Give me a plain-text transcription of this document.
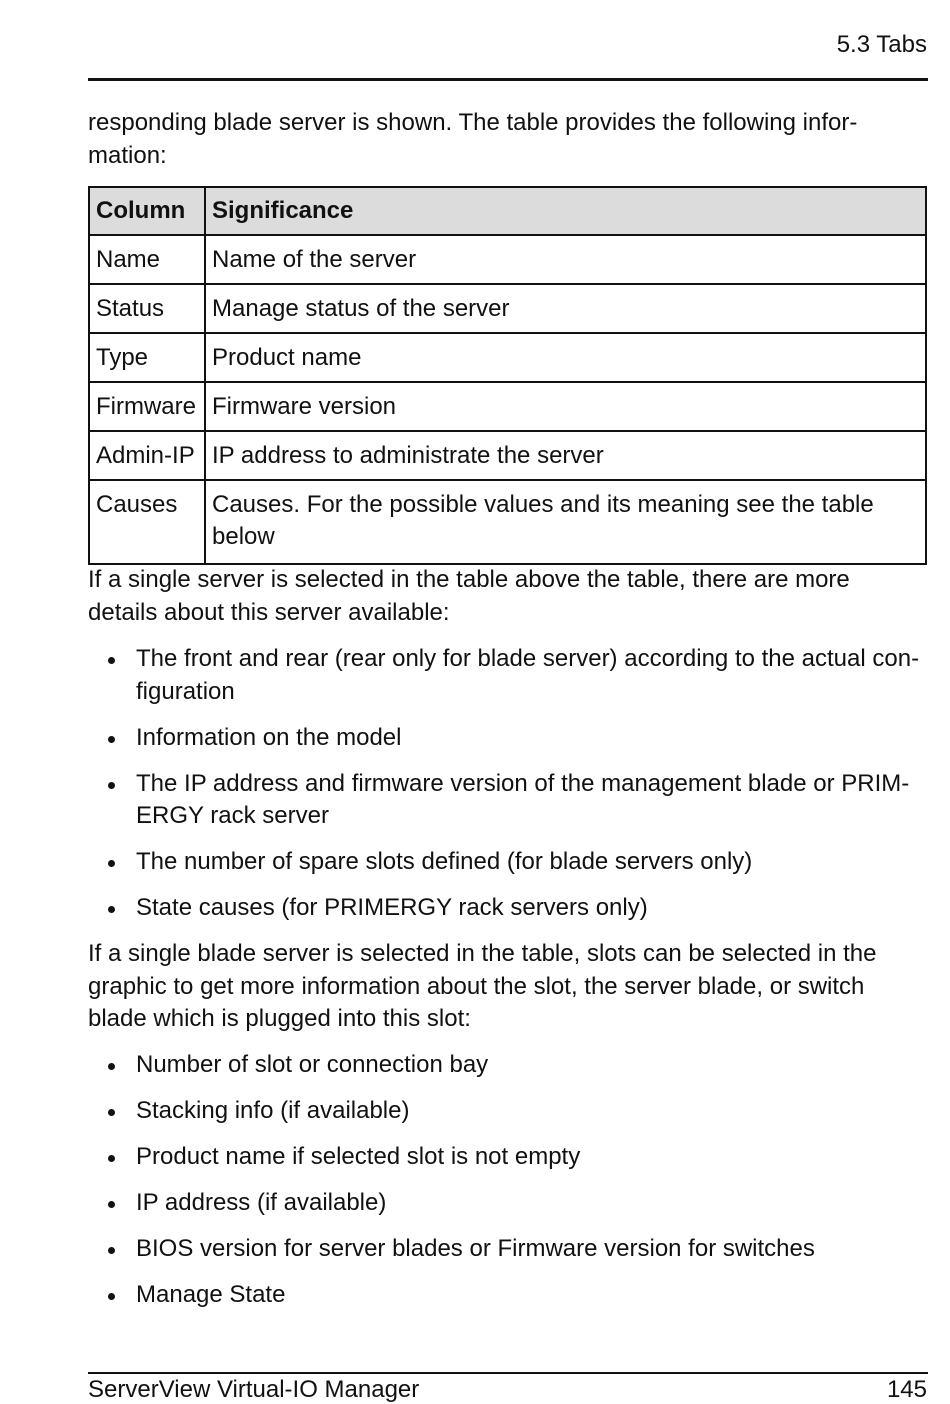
5.3 Tabs

responding blade server is shown. The table provides the following infor-mation:

Column	Significance
Name	Name of the server
Status	Manage status of the server
Type	Product name
Firmware	Firmware version
Admin-IP	IP address to administrate the server
Causes	Causes. For the possible values and its meaning see the table below

If a single server is selected in the table above the table, there are more details about this server available:

The front and rear (rear only for blade server) according to the actual con-figuration
Information on the model
The IP address and firmware version of the management blade or PRIM-ERGY rack server
The number of spare slots defined (for blade servers only)
State causes (for PRIMERGY rack servers only)

If a single blade server is selected in the table, slots can be selected in the graphic to get more information about the slot, the server blade, or switch blade which is plugged into this slot:

Number of slot or connection bay
Stacking info (if available)
Product name if selected slot is not empty
IP address (if available)
BIOS version for server blades or Firmware version for switches
Manage State
ServerView Virtual-IO Manager	145
